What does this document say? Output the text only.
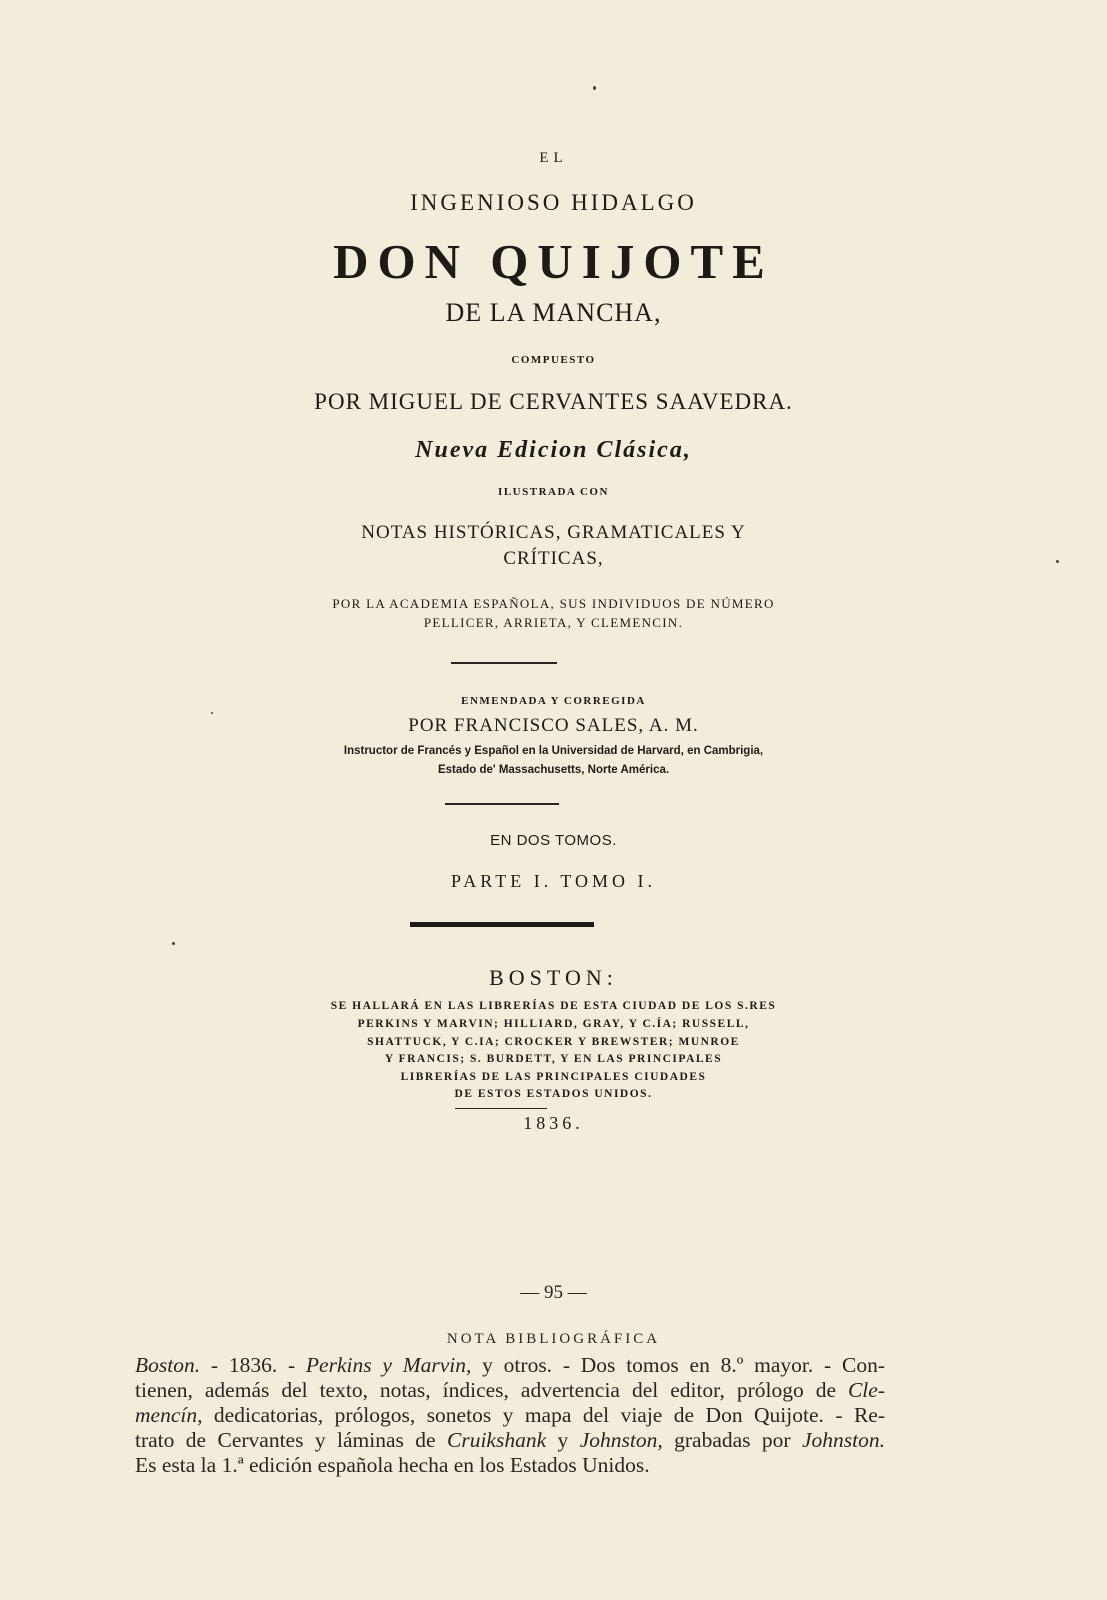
EL
INGENIOSO HIDALGO
DON QUIJOTE
DE LA MANCHA,
COMPUESTO
POR MIGUEL DE CERVANTES SAAVEDRA.
Nueva Edicion Clásica,
ILUSTRADA CON
NOTAS HISTÓRICAS, GRAMATICALES Y
CRÍTICAS,
POR LA ACADEMIA ESPAÑOLA, SUS INDIVIDUOS DE NÚMERO
PELLICER, ARRIETA, Y CLEMENCIN.
ENMENDADA Y CORREGIDA
POR FRANCISCO SALES, A. M.
Instructor de Francés y Español en la Universidad de Harvard, en Cambrigia,
Estado de' Massachusetts, Norte América.
EN DOS TOMOS.
PARTE I. TOMO I.
BOSTON:
SE HALLARÁ EN LAS LIBRERÍAS DE ESTA CIUDAD DE LOS S.RES
PERKINS Y MARVIN; HILLIARD, GRAY, Y C.ÍA; RUSSELL,
SHATTUCK, Y C.IA; CROCKER Y BREWSTER; MUNROE
Y FRANCIS; S. BURDETT, Y EN LAS PRINCIPALES
LIBRERÍAS DE LAS PRINCIPALES CIUDADES
DE ESTOS ESTADOS UNIDOS.
1836.
— 95 —
NOTA BIBLIOGRÁFICA
Boston. - 1836. - Perkins y Marvin, y otros. - Dos tomos en 8.º mayor. - Con-
tienen, además del texto, notas, índices, advertencia del editor, prólogo de Cle-
mencín, dedicatorias, prólogos, sonetos y mapa del viaje de Don Quijote. - Re-
trato de Cervantes y láminas de Cruikshank y Johnston, grabadas por Johnston.
Es esta la 1.ª edición española hecha en los Estados Unidos.
